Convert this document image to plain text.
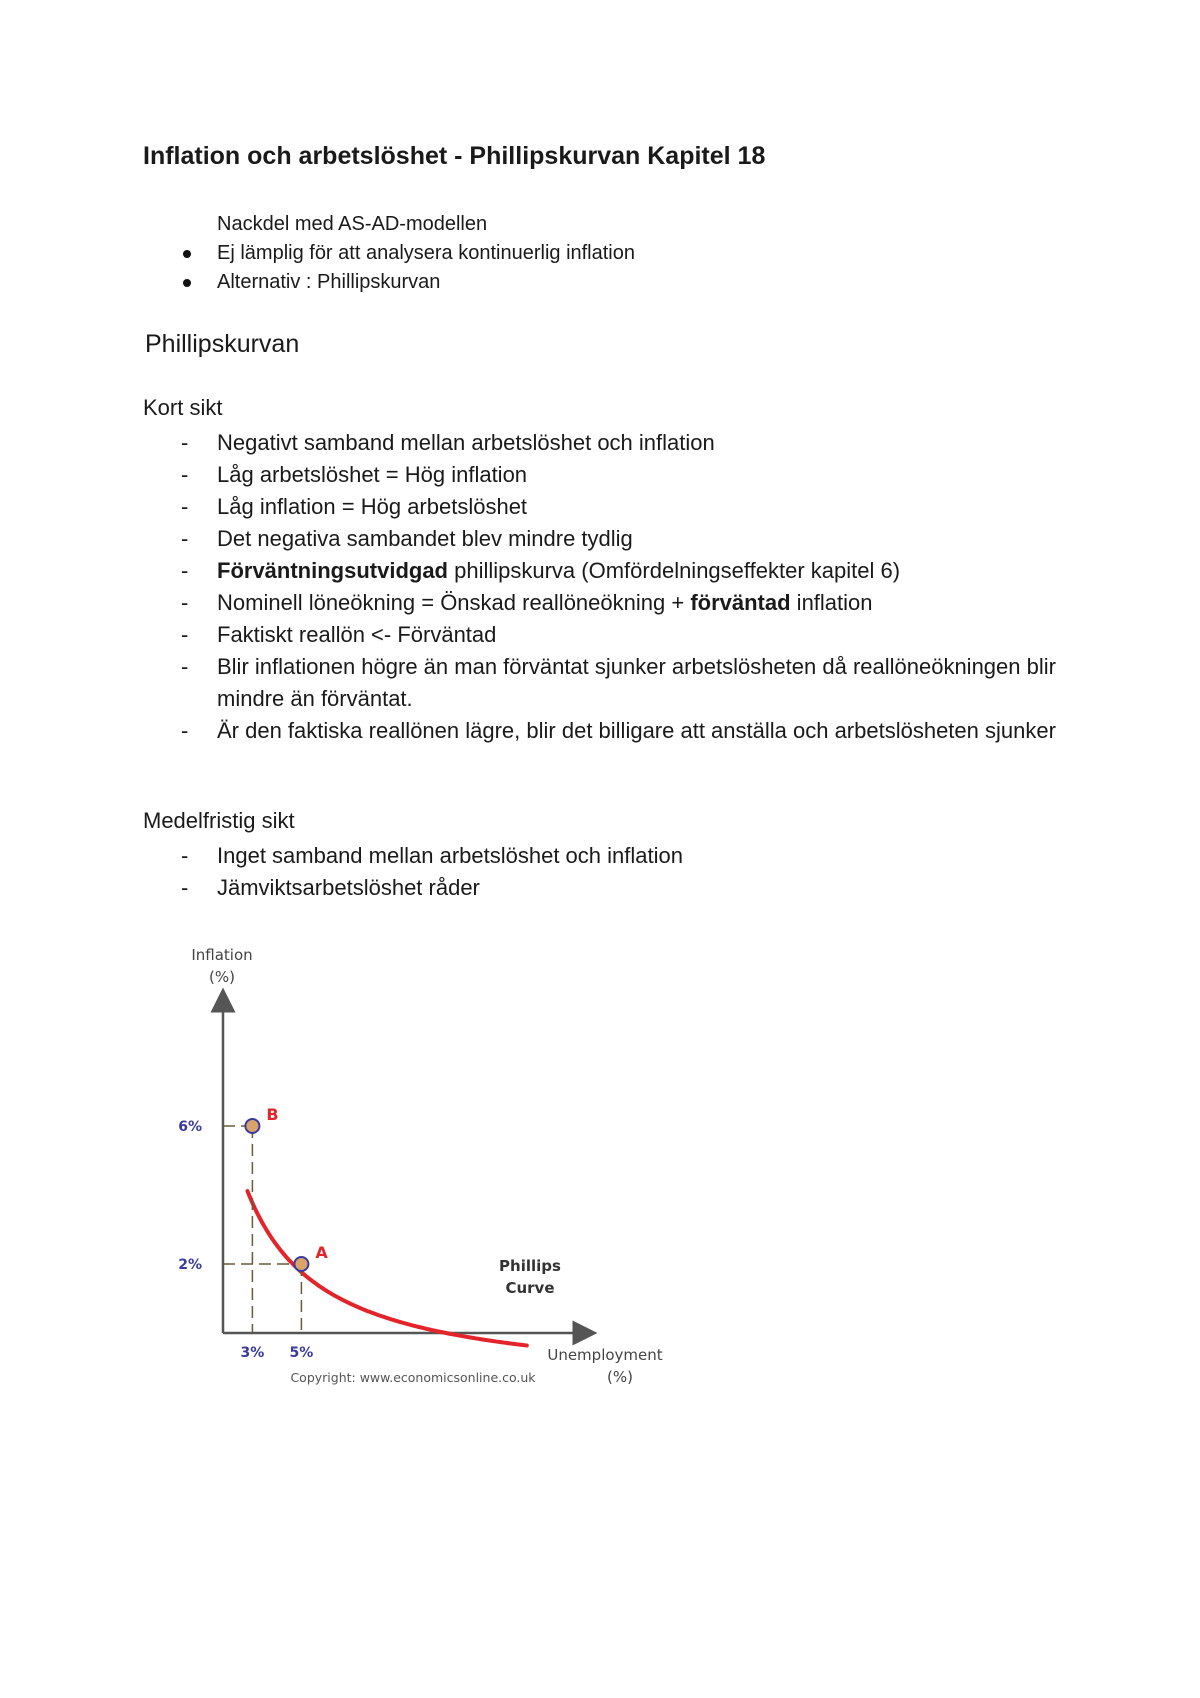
Inflation och arbetslöshet - Phillipskurvan Kapitel 18
Nackdel med AS-AD-modellen
Ej lämplig för att analysera kontinuerlig inflation
Alternativ : Phillipskurvan
Phillipskurvan
Kort sikt
- Negativt samband mellan arbetslöshet och inflation
- Låg arbetslöshet = Hög inflation
- Låg inflation = Hög arbetslöshet
- Det negativa sambandet blev mindre tydlig
- Förväntningsutvidgad phillipskurva (Omfördelningseffekter kapitel 6)
- Nominell löneökning = Önskad reallöneökning + förväntad inflation
- Faktiskt reallön <- Förväntad
- Blir inflationen högre än man förväntat sjunker arbetslösheten då reallöneökningen blir mindre än förväntat.
- Är den faktiska reallönen lägre, blir det billigare att anställa och arbetslösheten sjunker
Medelfristig sikt
- Inget samband mellan arbetslöshet och inflation
- Jämviktsarbetslöshet råder
Inflation
(%)
Unemployment
(%)
B
A
6%
2%
3% 5%
Phillips
Curve
Copyright: www.economicsonline.co.uk
